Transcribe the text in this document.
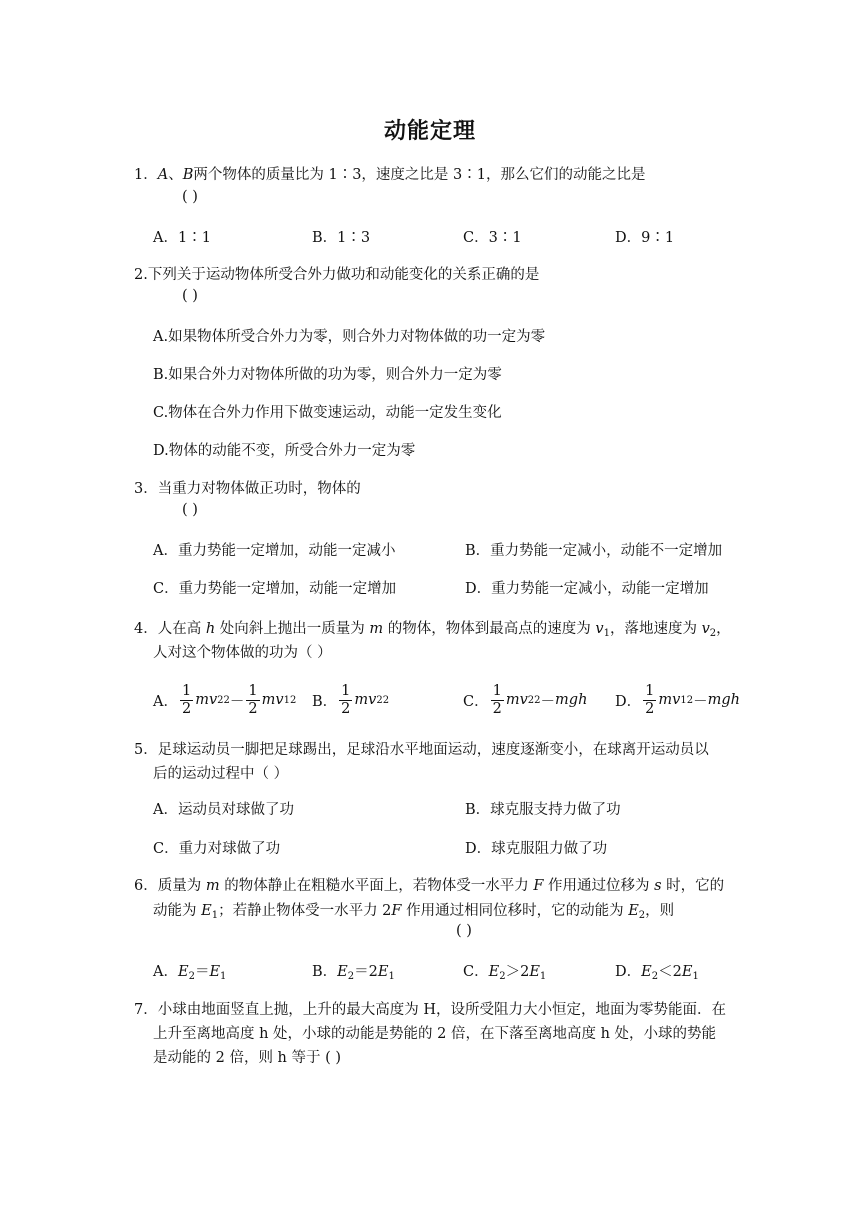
动能定理
1．A、B两个物体的质量比为 1∶3，速度之比是 3∶1，那么它们的动能之比是
( )
A．1∶1	B．1∶3	C．3∶1	D．9∶1
2.下列关于运动物体所受合外力做功和动能变化的关系正确的是
( )
A.如果物体所受合外力为零，则合外力对物体做的功一定为零
B.如果合外力对物体所做的功为零，则合外力一定为零
C.物体在合外力作用下做变速运动，动能一定发生变化
D.物体的动能不变，所受合外力一定为零
3．当重力对物体做正功时，物体的
( )
A．重力势能一定增加，动能一定减小	B．重力势能一定减小，动能不一定增加
C．重力势能一定增加，动能一定增加	D．重力势能一定减小，动能一定增加
4．人在高 h 处向斜上抛出一质量为 m 的物体，物体到最高点的速度为 $v_1$，落地速度为 $v_2$，
人对这个物体做的功为（ ）
A． $\frac{1}{2}$ m v 2 $2 - \frac{1}{2}$ m v 1 2 B． $\frac{1}{2}$ m v 2 2	C． $\frac{1}{2}$ m v 2 2 － mgh D． $\frac{1}{2}$ m v 1 2 － mgh
5．足球运动员一脚把足球踢出，足球沿水平地面运动，速度逐渐变小，在球离开运动员以
后的运动过程中（ ）
A．运动员对球做了功	B．球克服支持力做了功
C．重力对球做了功	D．球克服阻力做了功
6．质量为 m 的物体静止在粗糙水平面上，若物体受一水平力 F 作用通过位移为 s 时，它的
动能为 $E_1$；若静止物体受一水平力 2F 作用通过相同位移时，它的动能为 $E_2$，则
( )
A．$E_2=E_1$	B．$E_2=2E_1$	C．$E_2>2E_1$	D．$E_2<2E_1$
7．小球由地面竖直上抛，上升的最大高度为 H，设所受阻力大小恒定，地面为零势能面．在
上升至离地高度 h 处，小球的动能是势能的 2 倍，在下落至离地高度 h 处，小球的势能
是动能的 2 倍，则 h 等于 ( )
